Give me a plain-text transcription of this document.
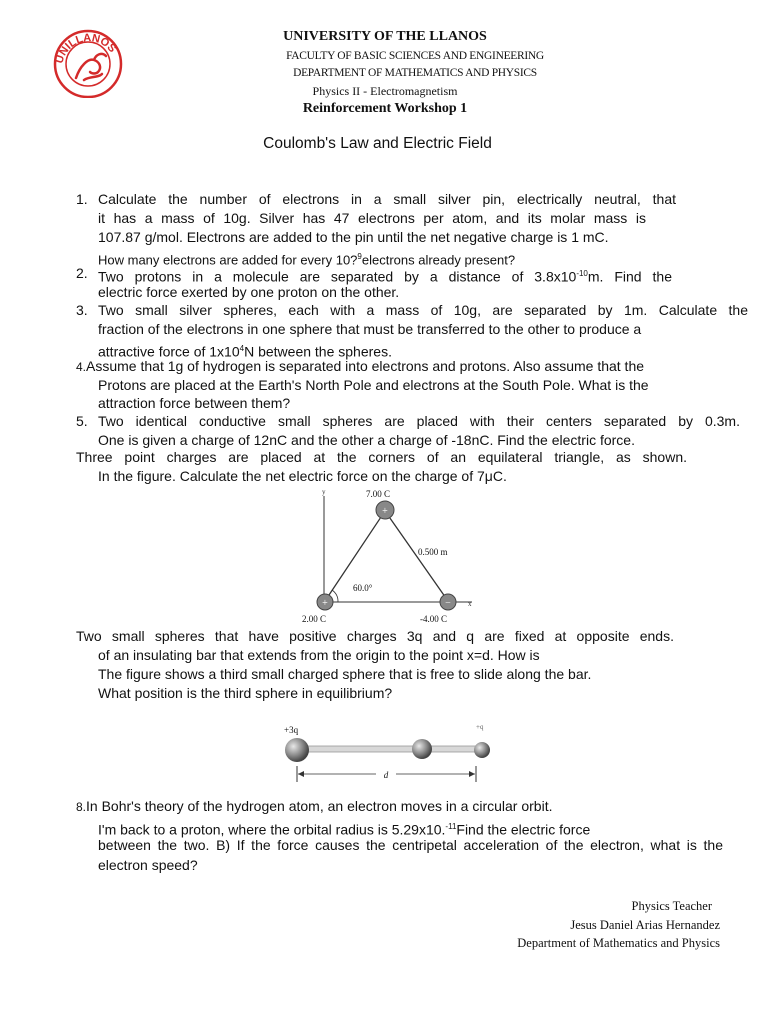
UNILLANOS
UNIVERSITY OF THE LLANOS
FACULTY OF BASIC SCIENCES AND ENGINEERING
DEPARTMENT OF MATHEMATICS AND PHYSICS
Physics II - Electromagnetism
Reinforcement Workshop 1
Coulomb's Law and Electric Field
1. Calculate the number of electrons in a small silver pin, electrically neutral, that
it has a mass of 10g. Silver has 47 electrons per atom, and its molar mass is
107.87 g/mol. Electrons are added to the pin until the net negative charge is 1 mC.
How many electrons are added for every 10?$^9$electrons already present?
2. Two protons in a molecule are separated by a distance of $3.8x10^{-10}m$. Find the
electric force exerted by one proton on the other.
3. Two small silver spheres, each with a mass of 10g, are separated by 1m. Calculate the
fraction of the electrons in one sphere that must be transferred to the other to produce a
attractive force of $1x10^4N$ between the spheres.
4.Assume that 1g of hydrogen is separated into electrons and protons. Also assume that the
Protons are placed at the Earth's North Pole and electrons at the South Pole. What is the
attraction force between them?
5. Two identical conductive small spheres are placed with their centers separated by 0.3m.
One is given a charge of 12nC and the other a charge of -18nC. Find the electric force.
Three point charges are placed at the corners of an equilateral triangle, as shown.
In the figure. Calculate the net electric force on the charge of 7μC.
y
x
+
+	−
7.00 C
0.500 m
60.0°
2.00 C	-4.00 C
Two small spheres that have positive charges 3q and q are fixed at opposite ends.
of an insulating bar that extends from the origin to the point x=d. How is
The figure shows a third small charged sphere that is free to slide along the bar.
What position is the third sphere in equilibrium?
+3q	+q
d
8.In Bohr's theory of the hydrogen atom, an electron moves in a circular orbit.
I'm back to a proton, where the orbital radius is 5.29x10.$^{-11}$Find the electric force
between the two. B) If the force causes the centripetal acceleration of the electron, what is the
electron speed?
Physics Teacher
Jesus Daniel Arias Hernandez
Department of Mathematics and Physics
